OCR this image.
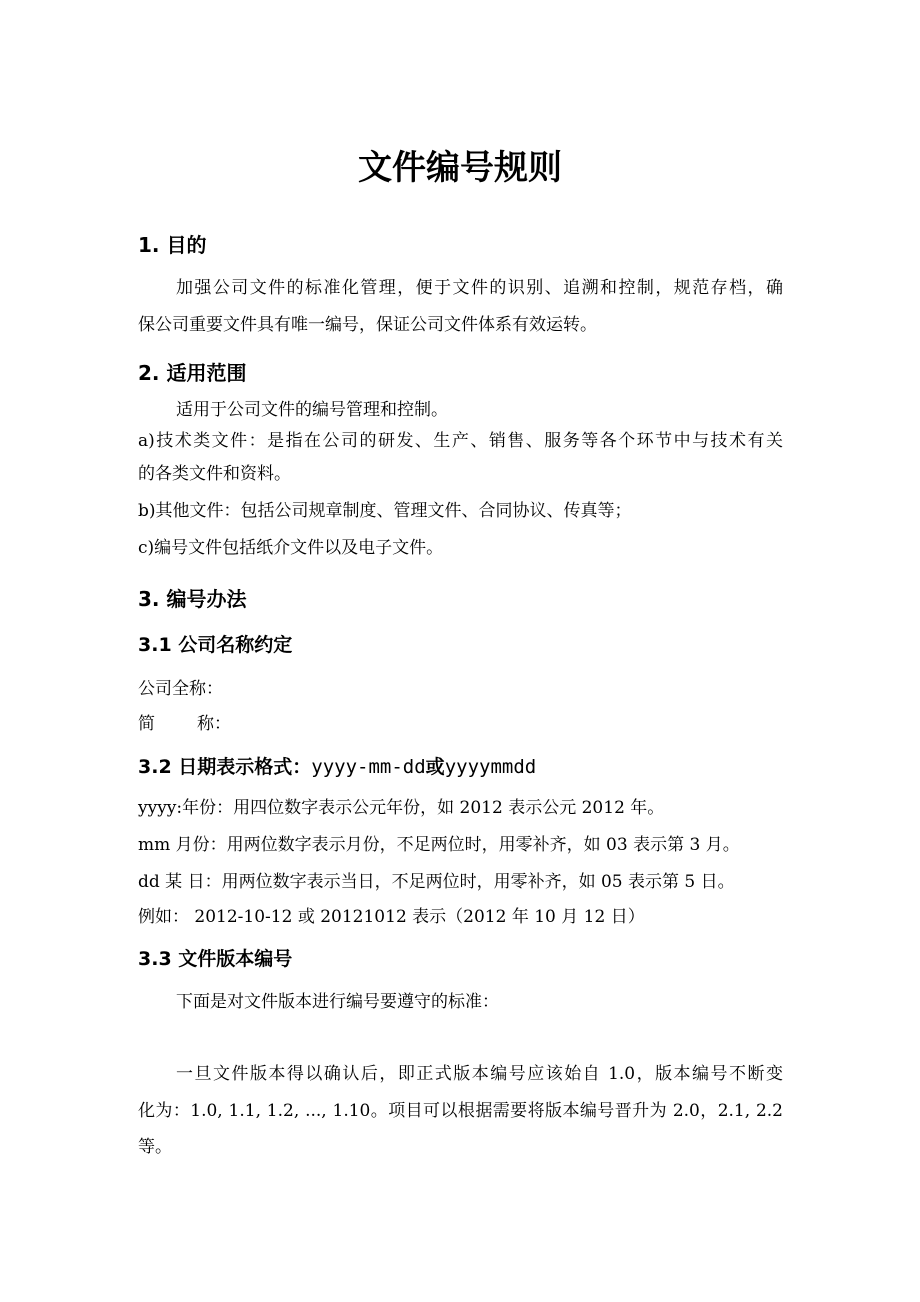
文件编号规则
1. 目的
加强公司文件的标准化管理，便于文件的识别、追溯和控制，规范存档，确
保公司重要文件具有唯一编号，保证公司文件体系有效运转。
2. 适用范围
适用于公司文件的编号管理和控制。
a)技术类文件：是指在公司的研发、生产、销售、服务等各个环节中与技术有关
的各类文件和资料。
b)其他文件：包括公司规章制度、管理文件、合同协议、传真等；
c)编号文件包括纸介文件以及电子文件。
3. 编号办法
3.1 公司名称约定
公司全称：
简 称：
3.2 日期表示格式：yyyy-mm-dd或yyyymmdd
yyyy:年份：用四位数字表示公元年份，如 2012 表示公元 2012 年。
mm 月份：用两位数字表示月份，不足两位时，用零补齐，如 03 表示第 3 月。
dd 某 日：用两位数字表示当日，不足两位时，用零补齐，如 05 表示第 5 日。
例如： 2012-10-12 或 20121012 表示（2012 年 10 月 12 日）
3.3 文件版本编号
下面是对文件版本进行编号要遵守的标准：
一旦文件版本得以确认后，即正式版本编号应该始自 1.0，版本编号不断变
化为：1.0, 1.1, 1.2, ..., 1.10。项目可以根据需要将版本编号晋升为 2.0，2.1, 2.2
等。
